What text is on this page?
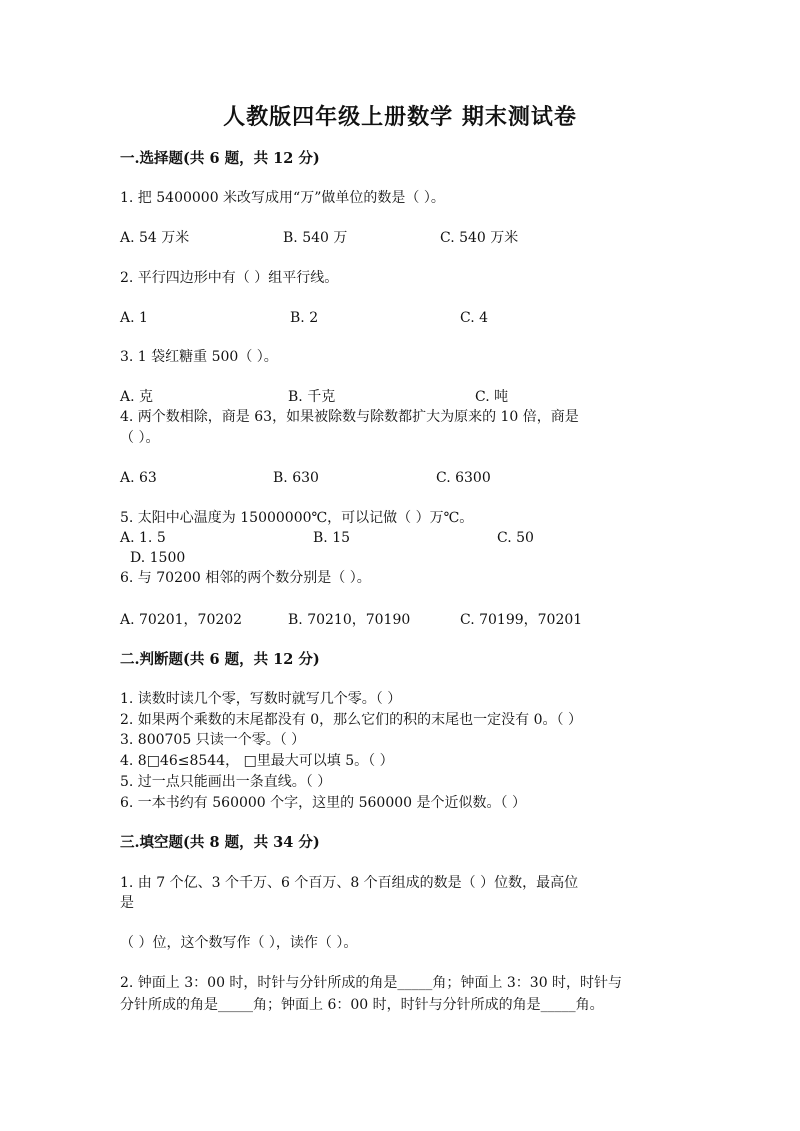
人教版四年级上册数学 期末测试卷
一.选择题(共 6 题，共 12 分)
1. 把 5400000 米改写成用“万”做单位的数是（ ）。
A. 54 万米	B. 540 万	C. 540 万米
2. 平行四边形中有（ ）组平行线。
A. 1	B. 2	C. 4
3. 1 袋红糖重 500（ ）。
A. 克	B. 千克	C. 吨
4. 两个数相除，商是 63，如果被除数与除数都扩大为原来的 10 倍，商是
（ ）。
A. 63	B. 630	C. 6300
5. 太阳中心温度为 15000000℃，可以记做（ ）万℃。
A. 1. 5	B. 15	C. 50
D. 1500
6. 与 70200 相邻的两个数分别是（ ）。
A. 70201，70202	B. 70210，70190	C. 70199，70201
二.判断题(共 6 题，共 12 分)
1. 读数时读几个零，写数时就写几个零。（ ）
2. 如果两个乘数的末尾都没有 0，那么它们的积的末尾也一定没有 0。（ ）
3. 800705 只读一个零。（ ）
4. 8□46≤8544， □里最大可以填 5。（ ）
5. 过一点只能画出一条直线。（ ）
6. 一本书约有 560000 个字，这里的 560000 是个近似数。（ ）
三.填空题(共 8 题，共 34 分)
1. 由 7 个亿、3 个千万、6 个百万、8 个百组成的数是（ ）位数，最高位
是
（ ）位，这个数写作（ ），读作（ ）。
2. 钟面上 3：00 时，时针与分针所成的角是_____角；钟面上 3：30 时，时针与
分针所成的角是_____角；钟面上 6：00 时，时针与分针所成的角是_____角。
